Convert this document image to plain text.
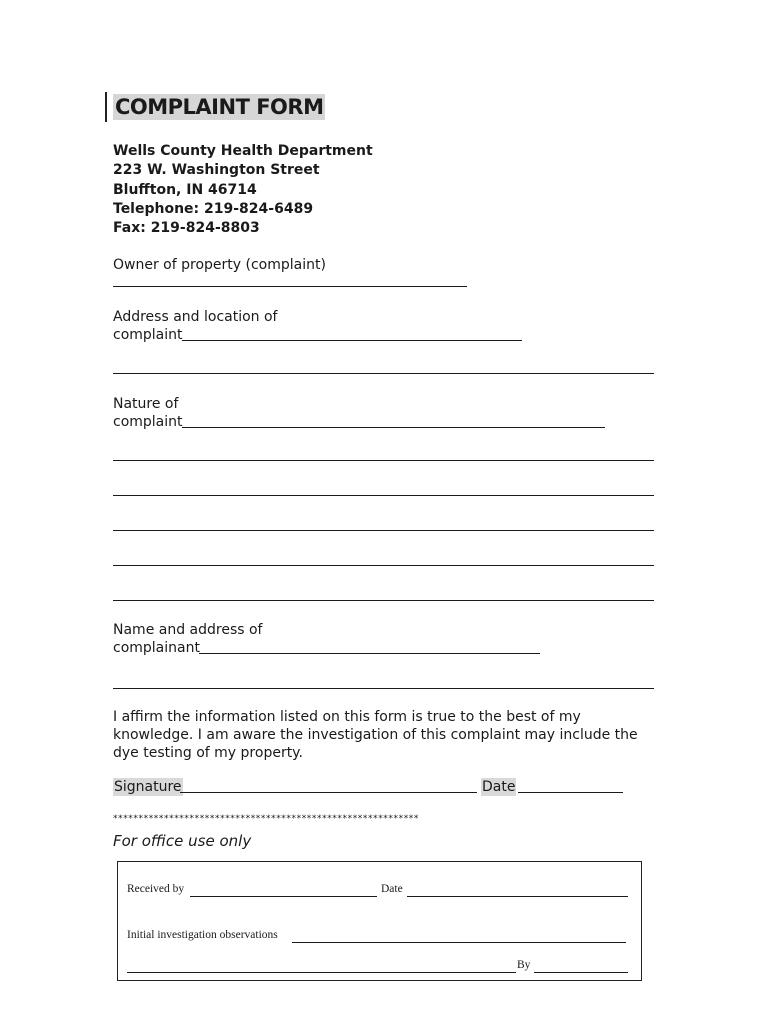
COMPLAINT FORM
Wells County Health Department
223 W. Washington Street
Bluffton, IN 46714
Telephone: 219-824-6489
Fax: 219-824-8803
Owner of property (complaint)
Address and location of
complaint
Nature of
complaint
Name and address of
complainant
I affirm the information listed on this form is true to the best of my knowledge. I am aware the investigation of this complaint may include the dye testing of my property.
Signature	Date
************************************************************
For office use only
Received by	Date
Initial investigation observations
By
